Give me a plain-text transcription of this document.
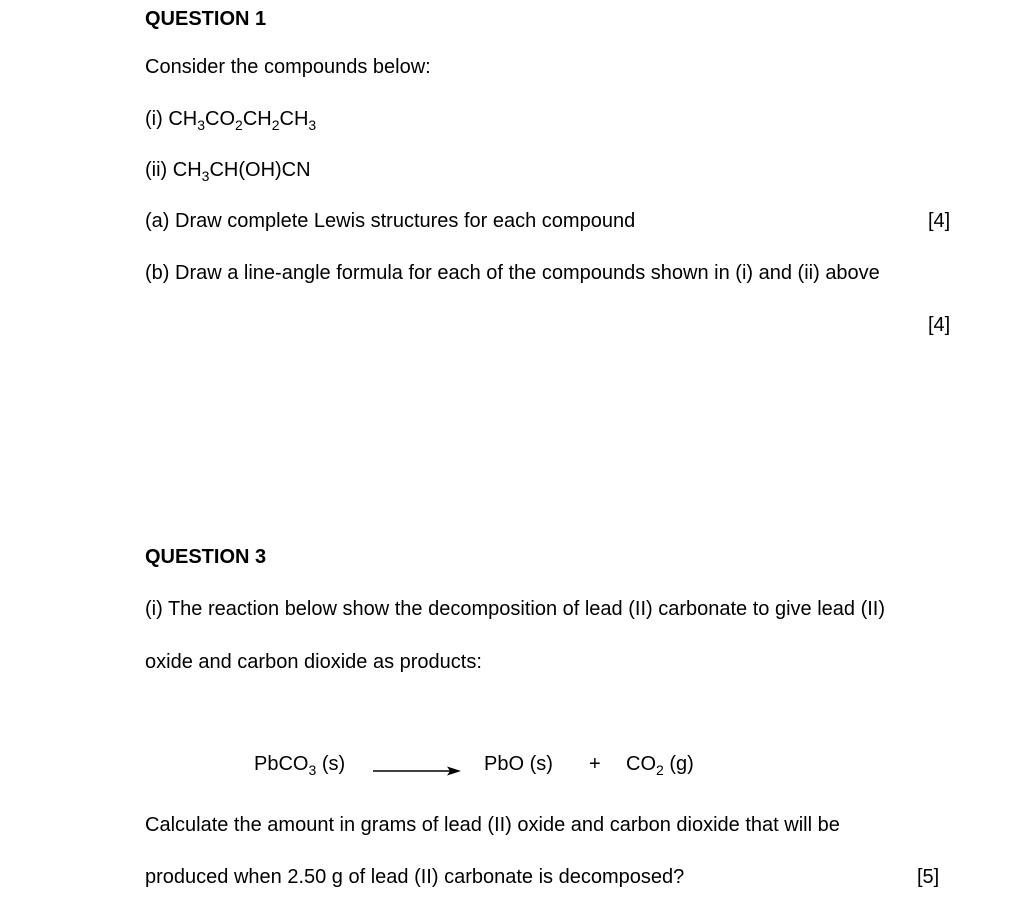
QUESTION 1
Consider the compounds below:
(i) $CH_3CO_2CH_2CH_3$
(ii) $CH_3CH(OH)CN$
(a) Draw complete Lewis structures for each compound	[4]
(b) Draw a line-angle formula for each of the compounds shown in (i) and (ii) above
[4]
QUESTION 3
(i) The reaction below show the decomposition of lead (II) carbonate to give lead (II)
oxide and carbon dioxide as products:
PbCO$_3$ (s)	PbO $(s) + CO_2$ (g)
Calculate the amount in grams of lead (II) oxide and carbon dioxide that will be
produced when 2.50 g of lead (II) carbonate is decomposed?	[5]
